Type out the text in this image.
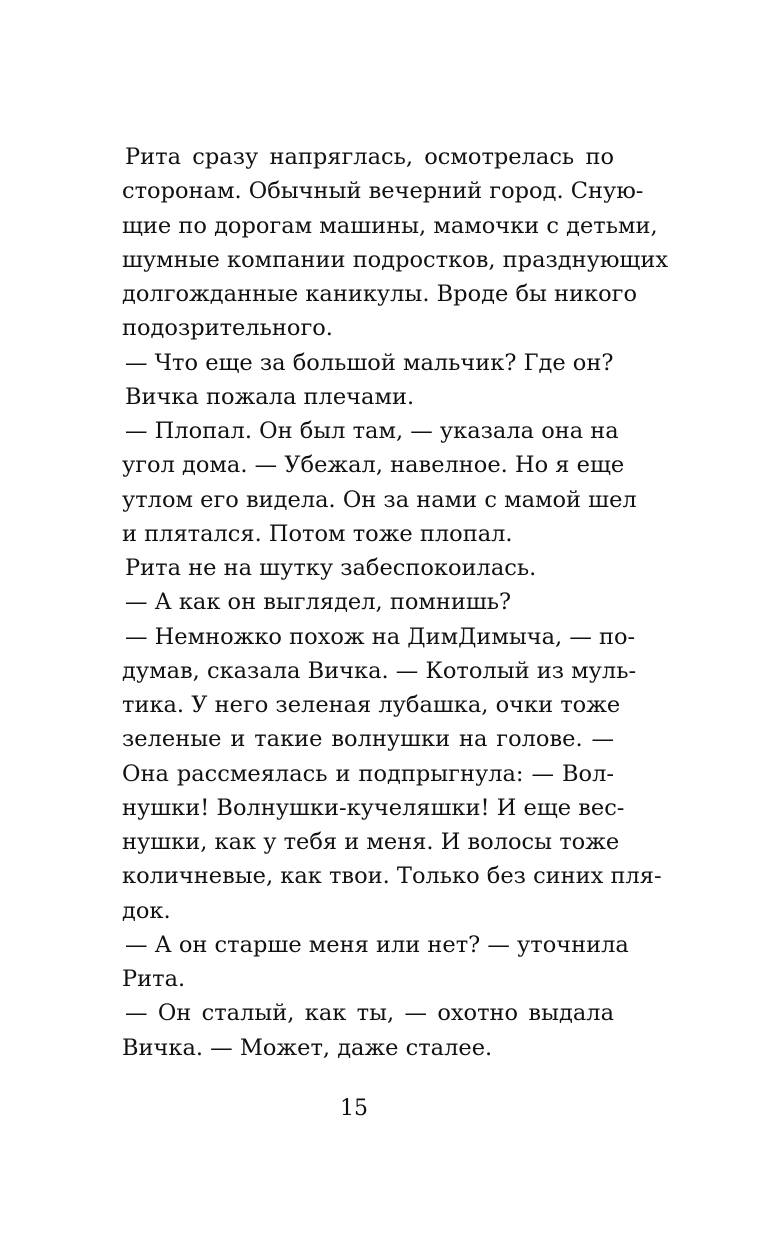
Рита сразу напряглась, осмотрелась по
сторонам. Обычный вечерний город. Сную-
щие по дорогам машины, мамочки с детьми,
шумные компании подростков, празднующих
долгожданные каникулы. Вроде бы никого
подозрительного.
— Что еще за большой мальчик? Где он?
Вичка пожала плечами.
— Плопал. Он был там, — указала она на
угол дома. — Убежал, навелное. Но я еще
утлом его видела. Он за нами с мамой шел
и плятался. Потом тоже плопал.
Рита не на шутку забеспокоилась.
— А как он выглядел, помнишь?
— Немножко похож на ДимДимыча, — по-
думав, сказала Вичка. — Котолый из муль-
тика. У него зеленая лубашка, очки тоже
зеленые и такие волнушки на голове. —
Она рассмеялась и подпрыгнула: — Вол-
нушки! Волнушки-кучеляшки! И еще вес-
нушки, как у тебя и меня. И волосы тоже
количневые, как твои. Только без синих пля-
док.
— А он старше меня или нет? — уточнила
Рита.
— Он сталый, как ты, — охотно выдала
Вичка. — Может, даже сталее.
15
